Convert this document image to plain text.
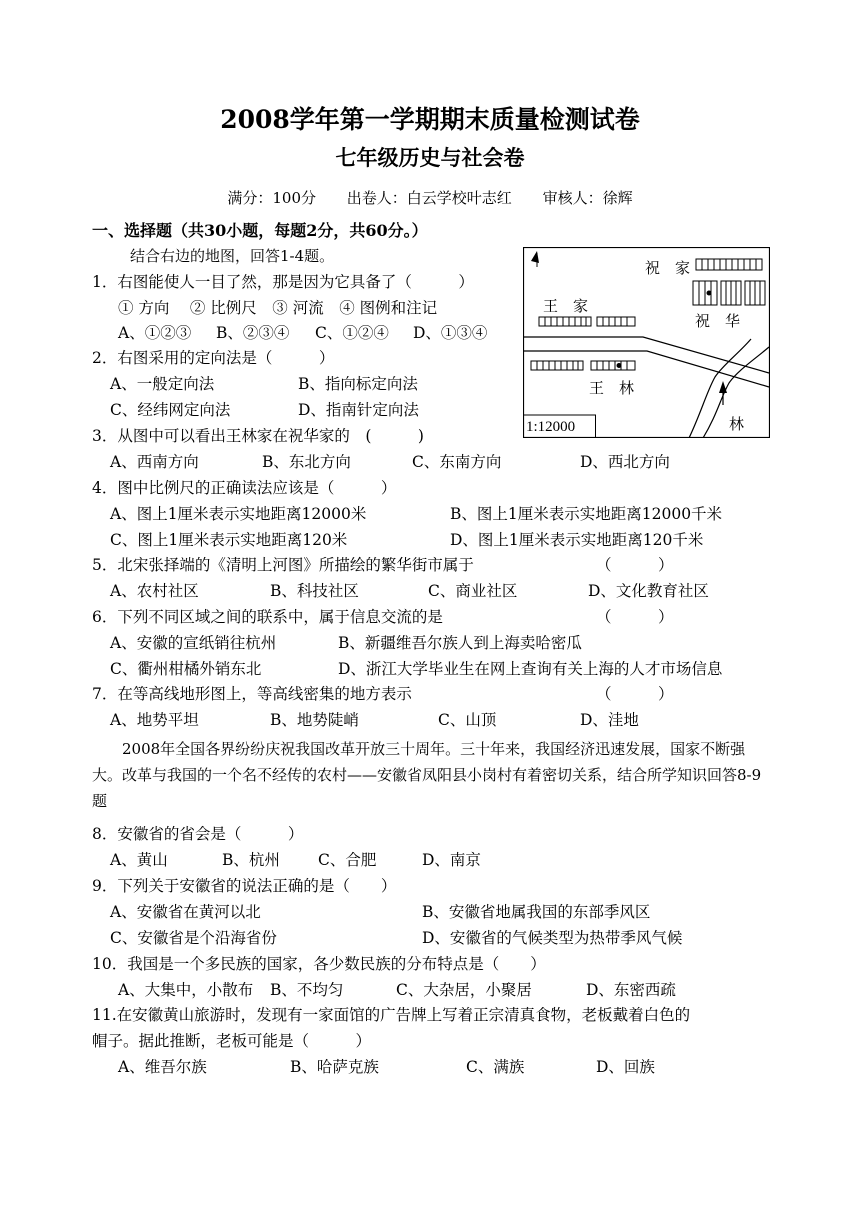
2008学年第一学期期末质量检测试卷
七年级历史与社会卷
满分：100分 出卷人：白云学校叶志红 审核人：徐辉
一、选择题（共30小题，每题2分，共60分。）
结合右边的地图，回答1-4题。
祝　家
王　家
祝　华
王　林
林
1:12000
1．右图能使人一目了然，那是因为它具备了（　　　）
① 方向　 ② 比例尺　③ 河流　④ 图例和注记
A、①②③ B、②③④ C、①②④ D、①③④
2．右图采用的定向法是（　　　）
A、一般定向法	B、指向标定向法
C、经纬网定向法	D、指南针定向法
3．从图中可以看出王林家在祝华家的　(　　　)
A、西南方向	B、东北方向	C、东南方向	D、西北方向
4．图中比例尺的正确读法应该是（　　　）
A、图上1厘米表示实地距离12000米	B、图上1厘米表示实地距离12000千米
C、图上1厘米表示实地距离120米	D、图上1厘米表示实地距离120千米
5．北宋张择端的《清明上河图》所描绘的繁华街市属于	（　　　）
A、农村社区	B、科技社区	C、商业社区	D、文化教育社区
6．下列不同区域之间的联系中，属于信息交流的是	（　　　）
A、安徽的宣纸销往杭州	B、新疆维吾尔族人到上海卖哈密瓜
C、衢州柑橘外销东北	D、浙江大学毕业生在网上查询有关上海的人才市场信息
7．在等高线地形图上，等高线密集的地方表示	（　　　）
A、地势平坦	B、地势陡峭	C、山顶	D、洼地
2008年全国各界纷纷庆祝我国改革开放三十周年。三十年来，我国经济迅速发展，国家不断强大。改革与我国的一个名不经传的农村——安徽省凤阳县小岗村有着密切关系，结合所学知识回答8-9题
8．安徽省的省会是（　　　）
A、黄山	B、杭州 C、合肥	D、南京
9．下列关于安徽省的说法正确的是（　　）
A、安徽省在黄河以北	B、安徽省地属我国的东部季风区
C、安徽省是个沿海省份	D、安徽省的气候类型为热带季风气候
10．我国是一个多民族的国家，各少数民族的分布特点是（　　）
A、大集中，小散布 B、不均匀	C、大杂居，小聚居	D、东密西疏
11.在安徽黄山旅游时，发现有一家面馆的广告牌上写着正宗清真食物，老板戴着白色的
帽子。据此推断，老板可能是（　　　）
A、维吾尔族	B、哈萨克族	C、满族	D、回族
